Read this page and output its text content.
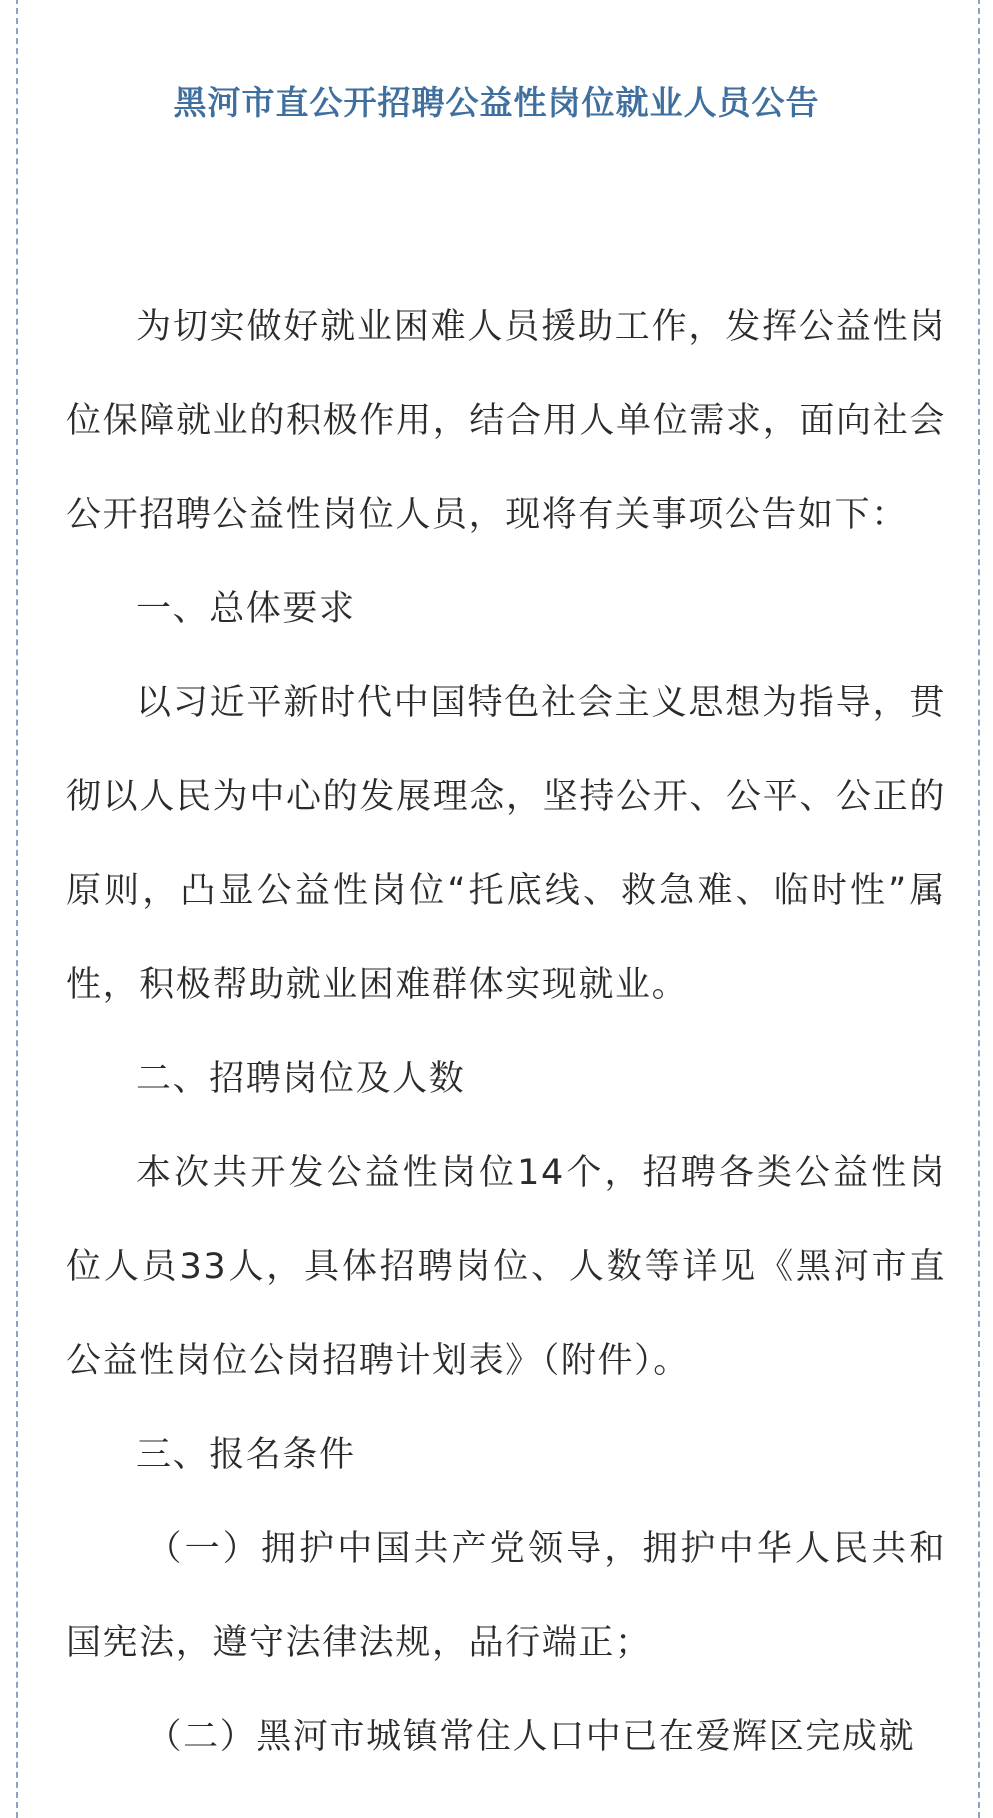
黑河市直公开招聘公益性岗位就业人员公告

为切实做好就业困难人员援助工作，发挥公益性岗位保障就业的积极作用，结合用人单位需求，面向社会公开招聘公益性岗位人员，现将有关事项公告如下：

一、总体要求

以习近平新时代中国特色社会主义思想为指导，贯彻以人民为中心的发展理念，坚持公开、公平、公正的原则，凸显公益性岗位“托底线、救急难、临时性”属性，积极帮助就业困难群体实现就业。

二、招聘岗位及人数

本次共开发公益性岗位14个，招聘各类公益性岗位人员33人，具体招聘岗位、人数等详见《黑河市直公益性岗位公岗招聘计划表》（附件）。

三、报名条件

（一）拥护中国共产党领导，拥护中华人民共和国宪法，遵守法律法规，品行端正；

（二）黑河市城镇常住人口中已在爱辉区完成就
